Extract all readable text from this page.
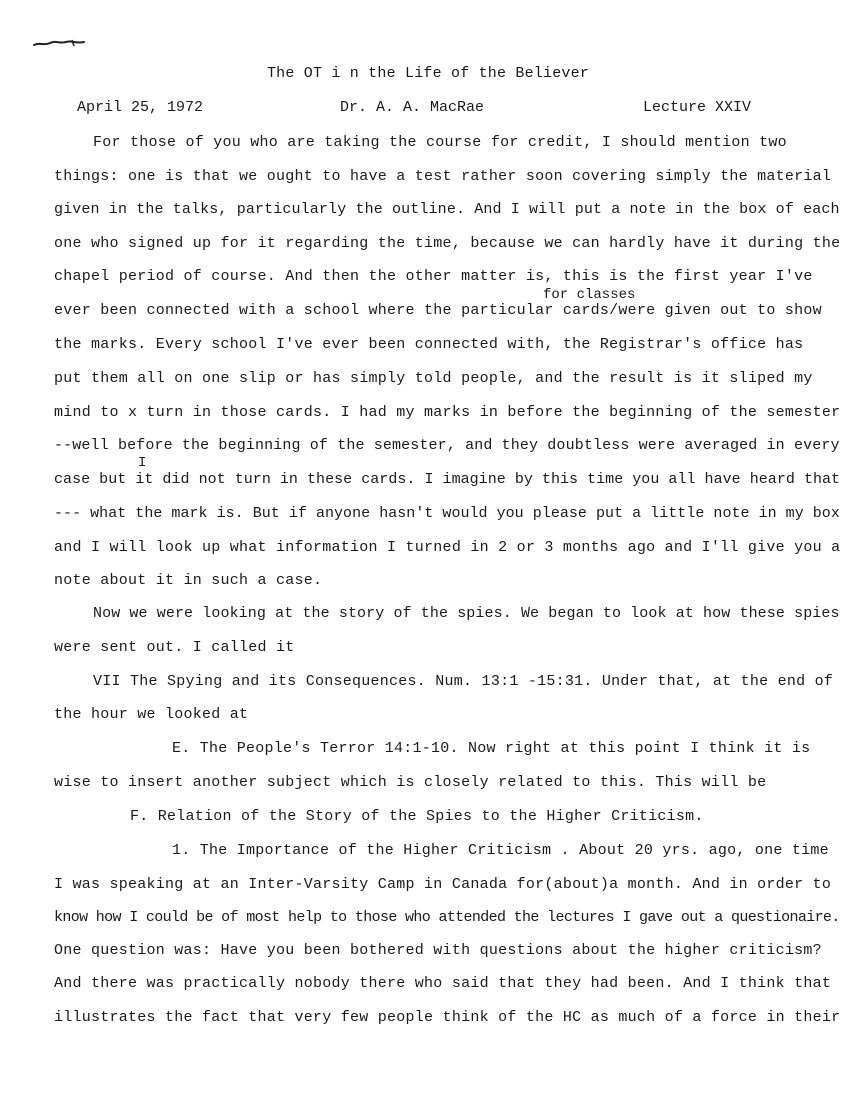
The OT i n the Life of the Believer
April 25, 1972	Dr. A. A. MacRae	Lecture XXIV
for classes
I
For those of you who are taking the course for credit, I should mention two
things: one is that we ought to have a test rather soon covering simply the material
given in the talks, particularly the outline. And I will put a note in the box of each
one who signed up for it regarding the time, because we can hardly have it during the
chapel period of course. And then the other matter is, this is the first year I've
ever been connected with a school where the particular cards/were given out to show
the marks. Every school I've ever been connected with, the Registrar's office has
put them all on one slip or has simply told people, and the result is it sliped my
mind to x turn in those cards. I had my marks in before the beginning of the semester
--well before the beginning of the semester, and they doubtless were averaged in every
case but it did not turn in these cards. I imagine by this time you all have heard that
--- what the mark is. But if anyone hasn't would you please put a little note in my box
and I will look up what information I turned in 2 or 3 months ago and I'll give you a
note about it in such a case.
Now we were looking at the story of the spies. We began to look at how these spies
were sent out. I called it
VII The Spying and its Consequences. Num. 13:1 -15:31. Under that, at the end of
the hour we looked at
E. The People's Terror 14:1-10. Now right at this point I think it is
wise to insert another subject which is closely related to this. This will be
F. Relation of the Story of the Spies to the Higher Criticism.
1. The Importance of the Higher Criticism . About 20 yrs. ago, one time
I was speaking at an Inter-Varsity Camp in Canada for(about)a month. And in order to
know how I could be of most help to those who attended the lectures I gave out a questionaire.
One question was: Have you been bothered with questions about the higher criticism?
And there was practically nobody there who said that they had been. And I think that
illustrates the fact that very few people think of the HC as much of a force in their
